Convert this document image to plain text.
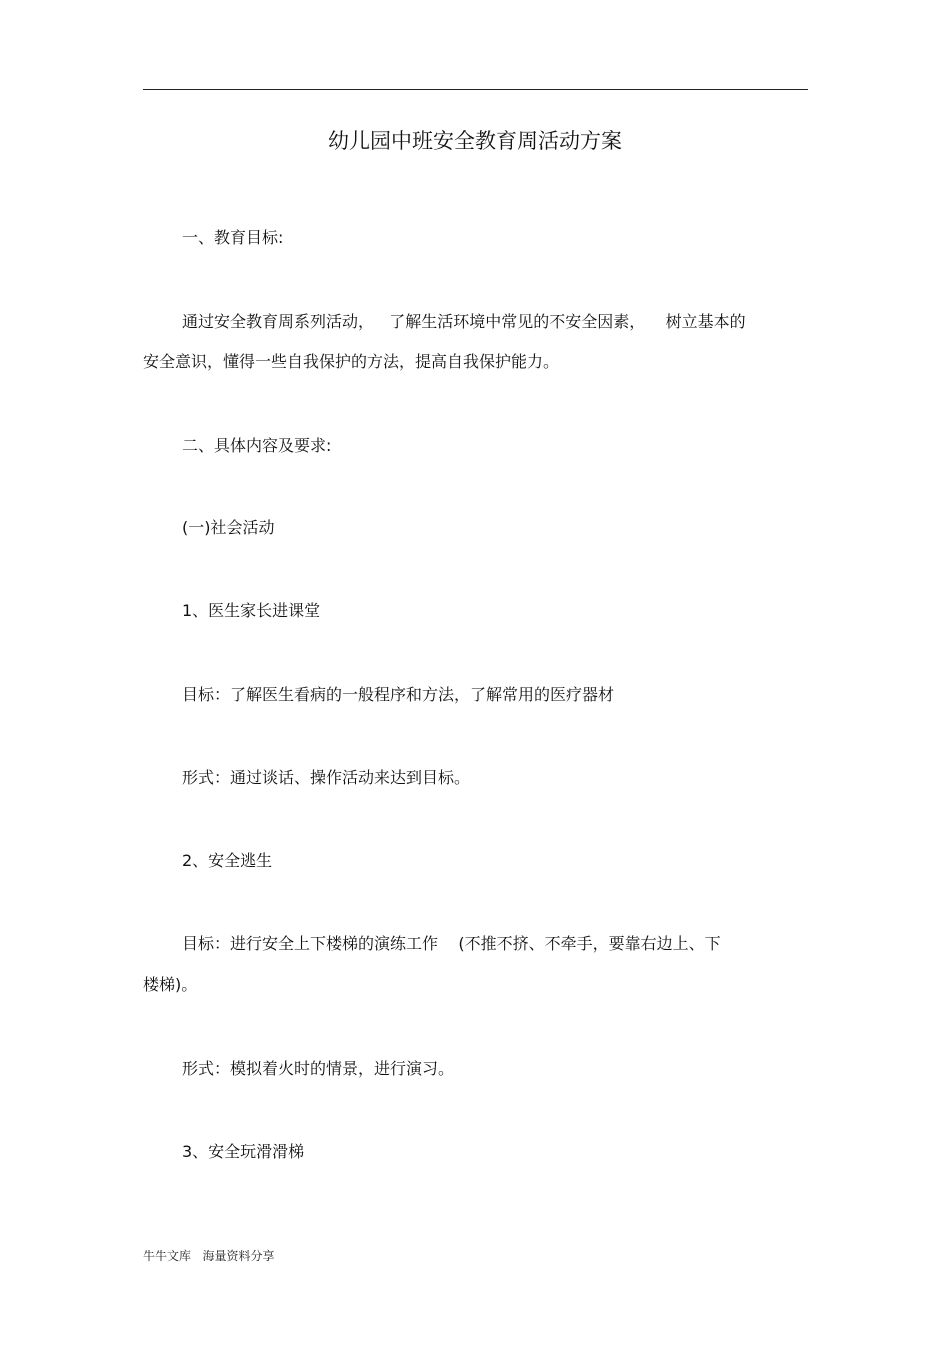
幼儿园中班安全教育周活动方案
一、教育目标:
通过安全教育周系列活动，   了解生活环境中常见的不安全因素，    树立基本的
安全意识，懂得一些自我保护的方法，提高自我保护能力。
二、具体内容及要求:
(一)社会活动
1、医生家长进课堂
目标：了解医生看病的一般程序和方法，了解常用的医疗器材
形式：通过谈话、操作活动来达到目标。
2、安全逃生
目标：进行安全上下楼梯的演练工作    (不推不挤、不牵手，要靠右边上、下
楼梯)。
形式：模拟着火时的情景，进行演习。
3、安全玩滑滑梯
牛牛文库   海量资料分享
